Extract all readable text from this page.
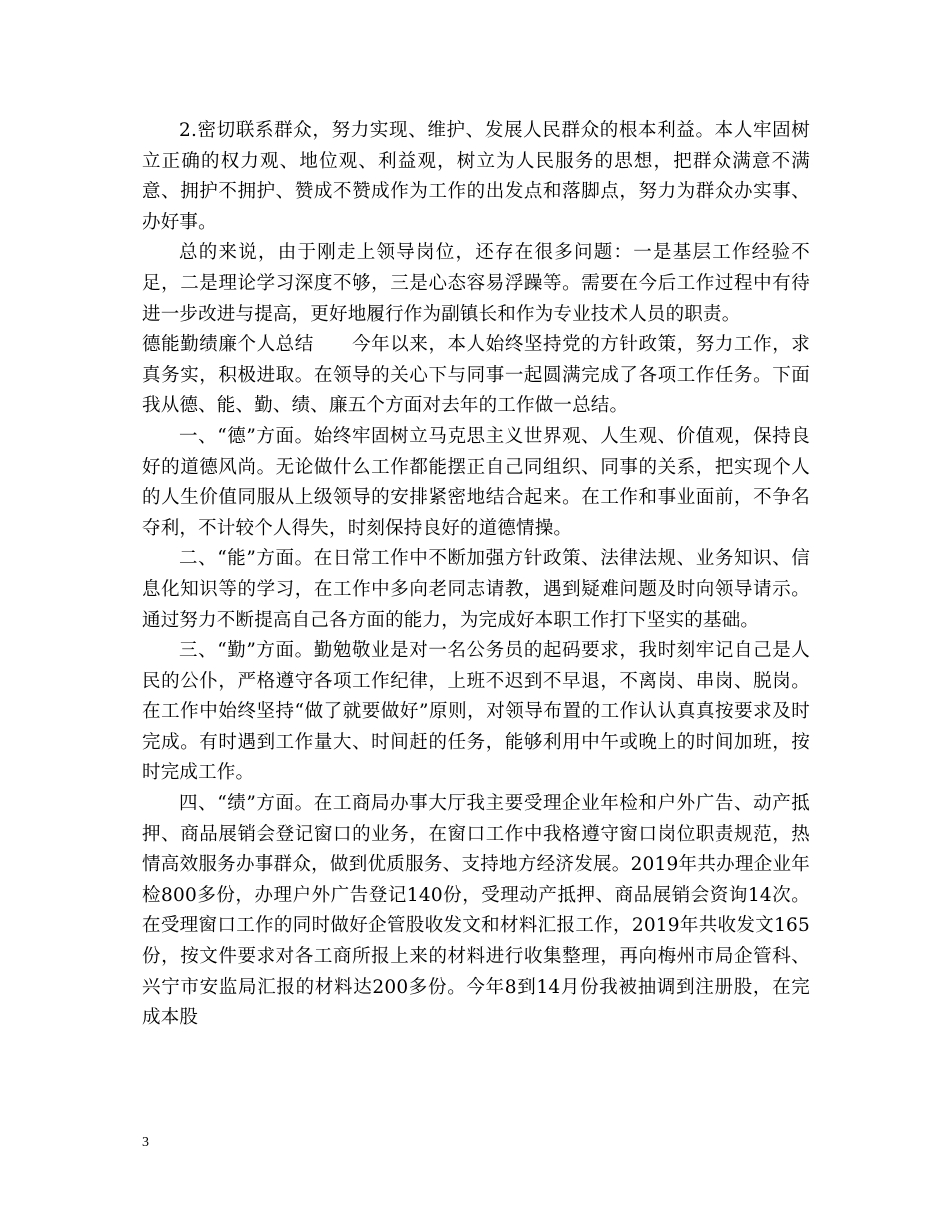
2.密切联系群众，努力实现、维护、发展人民群众的根本利益。本人牢固树立正确的权力观、地位观、利益观，树立为人民服务的思想，把群众满意不满意、拥护不拥护、赞成不赞成作为工作的出发点和落脚点，努力为群众办实事、办好事。

总的来说，由于刚走上领导岗位，还存在很多问题：一是基层工作经验不足，二是理论学习深度不够，三是心态容易浮躁等。需要在今后工作过程中有待进一步改进与提高，更好地履行作为副镇长和作为专业技术人员的职责。

德能勤绩廉个人总结　　今年以来，本人始终坚持党的方针政策，努力工作，求真务实，积极进取。在领导的关心下与同事一起圆满完成了各项工作任务。下面我从德、能、勤、绩、廉五个方面对去年的工作做一总结。

一、“德”方面。始终牢固树立马克思主义世界观、人生观、价值观，保持良好的道德风尚。无论做什么工作都能摆正自己同组织、同事的关系，把实现个人的人生价值同服从上级领导的安排紧密地结合起来。在工作和事业面前，不争名夺利，不计较个人得失，时刻保持良好的道德情操。

二、“能”方面。在日常工作中不断加强方针政策、法律法规、业务知识、信息化知识等的学习，在工作中多向老同志请教，遇到疑难问题及时向领导请示。通过努力不断提高自己各方面的能力，为完成好本职工作打下坚实的基础。

三、“勤”方面。勤勉敬业是对一名公务员的起码要求，我时刻牢记自己是人民的公仆，严格遵守各项工作纪律，上班不迟到不早退，不离岗、串岗、脱岗。在工作中始终坚持“做了就要做好”原则，对领导布置的工作认认真真按要求及时完成。有时遇到工作量大、时间赶的任务，能够利用中午或晚上的时间加班，按时完成工作。

四、“绩”方面。在工商局办事大厅我主要受理企业年检和户外广告、动产抵押、商品展销会登记窗口的业务，在窗口工作中我格遵守窗口岗位职责规范，热情高效服务办事群众，做到优质服务、支持地方经济发展。2019年共办理企业年检800多份，办理户外广告登记140份，受理动产抵押、商品展销会资询14次。在受理窗口工作的同时做好企管股收发文和材料汇报工作，2019年共收发文165份，按文件要求对各工商所报上来的材料进行收集整理，再向梅州市局企管科、兴宁市安监局汇报的材料达200多份。今年8到14月份我被抽调到注册股，在完成本股

3
